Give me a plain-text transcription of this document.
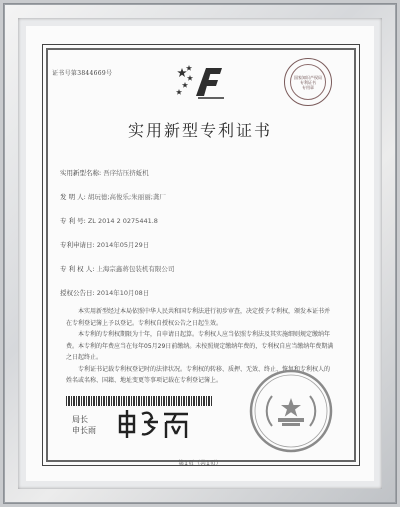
证书号第3844669号	国家知识产权局
专利证书
专用章
实用新型专利证书
实用新型名称: 吾序结压挤蚯机
发 明 人: 胡玩德;高俊乐;朱丽丽;龚厂
专 利 号: ZL 2014 2 0275441.8
专利申请日: 2014年05月29日
专 利 权 人: 上海宗鑫蒋包装机有限公司
授权公告日: 2014年10月08日

本实用新型经过本局依照中华人民共和国专利法进行初步审查，决定授予专利权，颁发本证书并在专利登记簿上予以登记。专利权自授权公告之日起生效。

本专利的专利权期限为十年，自申请日起算。专利权人应当依照专利法及其实施细则规定缴纳年费。本专利的年费应当在每年05月29日前缴纳。未按照规定缴纳年费的，专利权自应当缴纳年费期满之日起终止。

专利证书记载专利权登记时的法律状况。专利权的转移、质押、无效、终止、恢复和专利权人的姓名或名称、国籍、地址变更等事项记载在专利登记簿上。

局长
申长雨
第1页（共1页）
